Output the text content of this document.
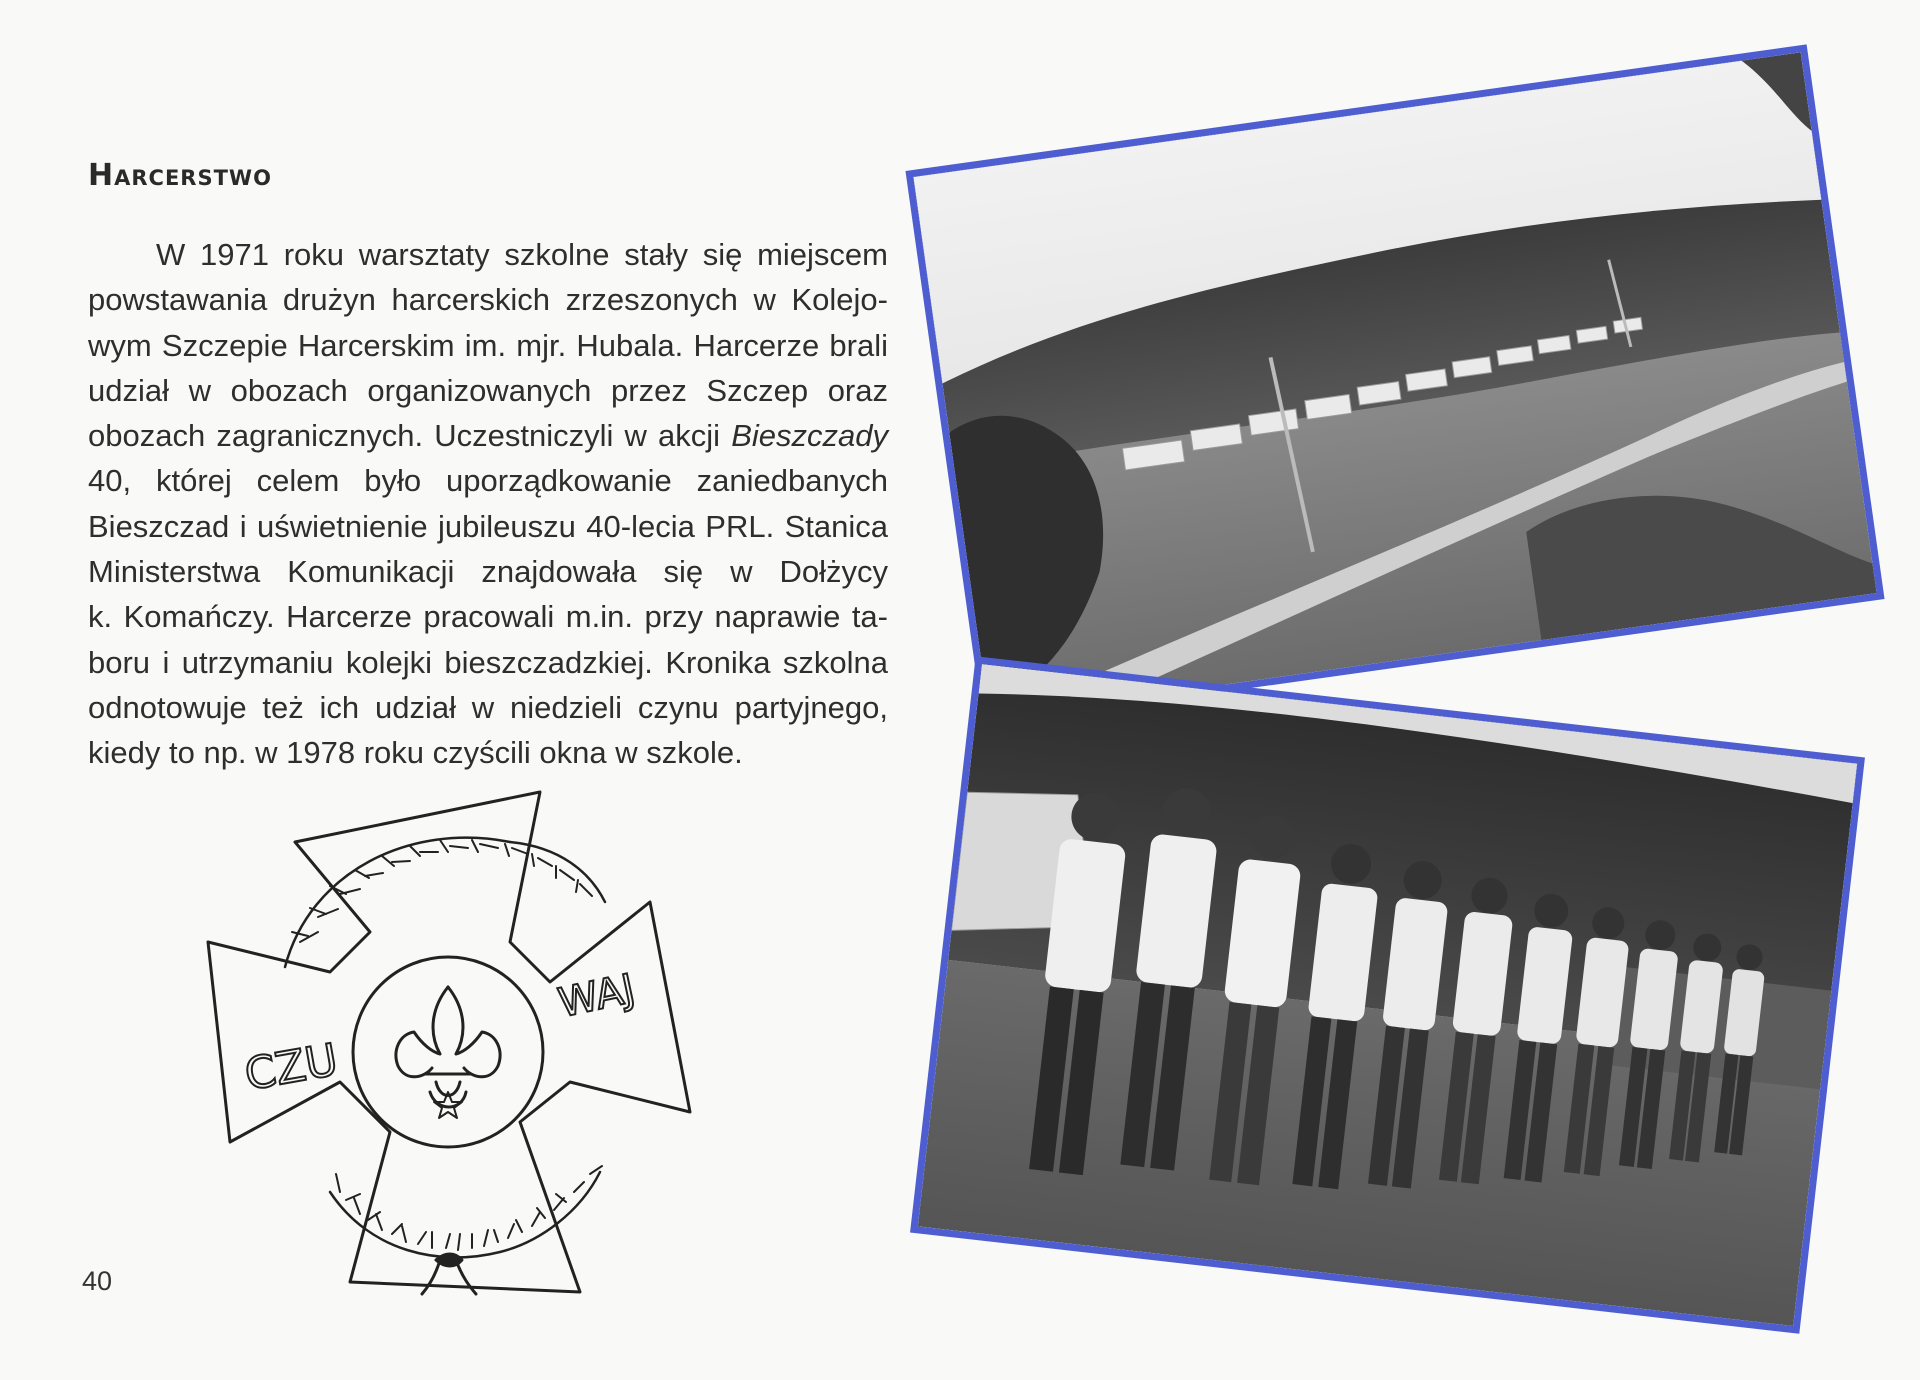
Harcerstwo

W 1971 roku warsztaty szkolne stały się miejscem
powstawania drużyn harcerskich zrzeszonych w Kolejo-
wym Szczepie Harcerskim im. mjr. Hubala. Harcerze brali
udział w obozach organizowanych przez Szczep oraz
obozach zagranicznych. Uczestniczyli w akcji Bieszczady
40, której celem było uporządkowanie zaniedbanych
Bieszczad i uświetnienie jubileuszu 40-lecia PRL. Stanica
Ministerstwa Komunikacji znajdowała się w Dołżycy
k. Komańczy. Harcerze pracowali m.in. przy naprawie ta-
boru i utrzymaniu kolejki bieszczadzkiej. Kronika szkolna
odnotowuje też ich udział w niedzieli czynu partyjnego,
kiedy to np. w 1978 roku czyścili okna w szkole.

CZU
WAJ
40
